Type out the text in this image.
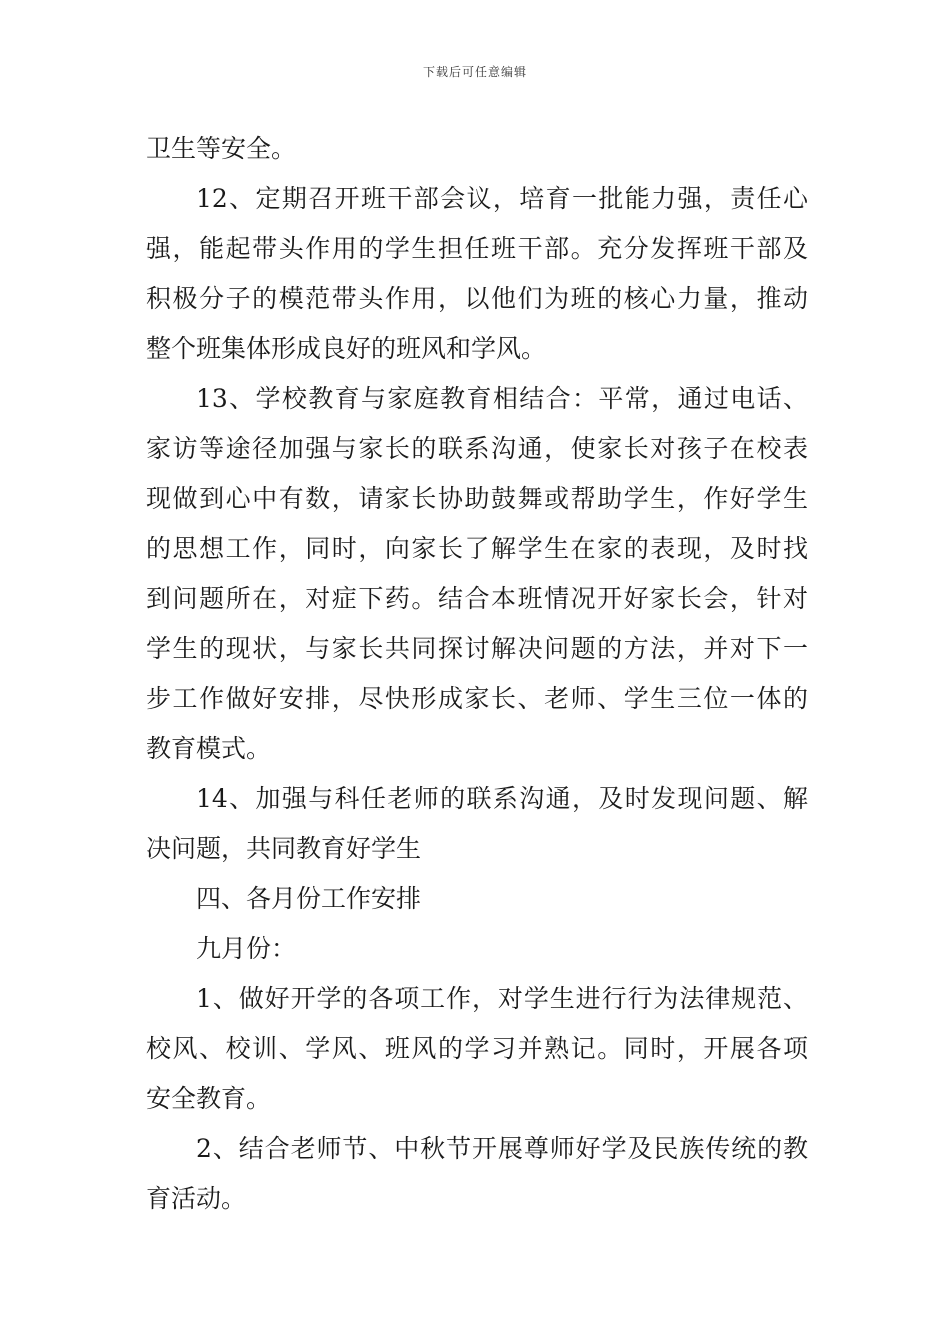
下载后可任意编辑
卫生等安全。
12、定期召开班干部会议，培育一批能力强，责任心
强，能起带头作用的学生担任班干部。充分发挥班干部及
积极分子的模范带头作用，以他们为班的核心力量，推动
整个班集体形成良好的班风和学风。
13、学校教育与家庭教育相结合：平常，通过电话、
家访等途径加强与家长的联系沟通，使家长对孩子在校表
现做到心中有数，请家长协助鼓舞或帮助学生，作好学生
的思想工作，同时，向家长了解学生在家的表现，及时找
到问题所在，对症下药。结合本班情况开好家长会，针对
学生的现状，与家长共同探讨解决问题的方法，并对下一
步工作做好安排，尽快形成家长、老师、学生三位一体的
教育模式。
14、加强与科任老师的联系沟通，及时发现问题、解
决问题，共同教育好学生
四、各月份工作安排
九月份：
1、做好开学的各项工作，对学生进行行为法律规范、
校风、校训、学风、班风的学习并熟记。同时，开展各项
安全教育。
2、结合老师节、中秋节开展尊师好学及民族传统的教
育活动。
